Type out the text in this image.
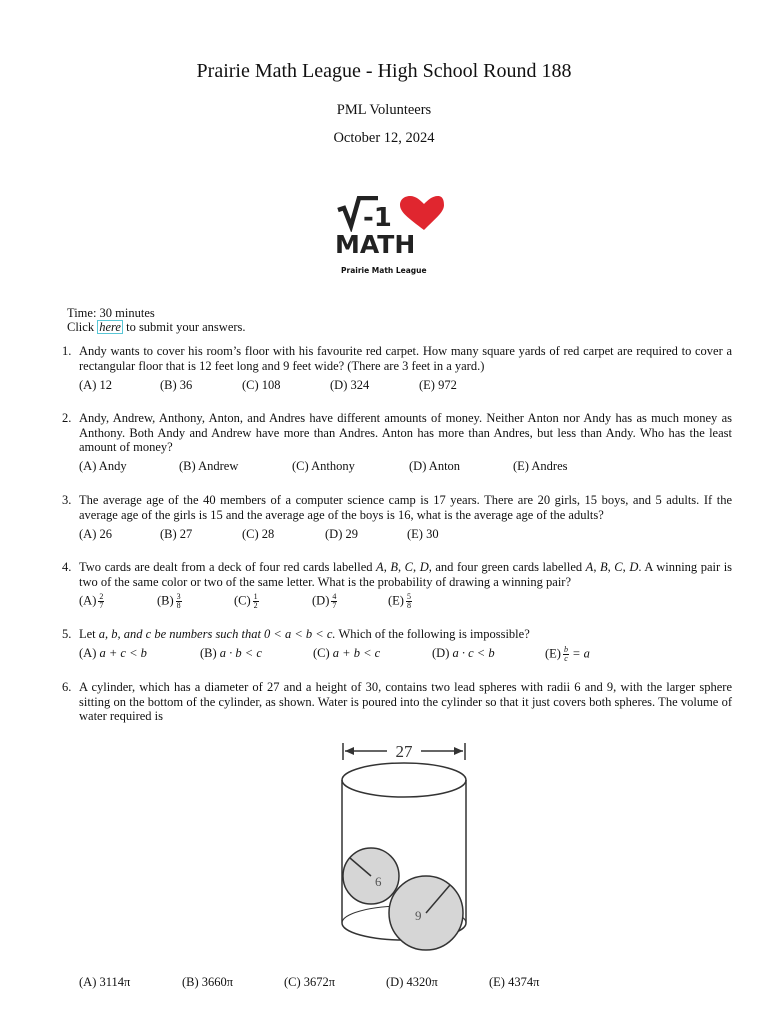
Prairie Math League - High School Round 188
PML Volunteers
October 12, 2024
-1
MATH
Prairie Math League
Time: 30 minutes
Click here to submit your answers.
1. Andy wants to cover his room’s floor with his favourite red carpet. How many square yards of red carpet are required to cover a rectangular floor that is 12 feet long and 9 feet wide? (There are 3 feet in a yard.)
(A) 12	(B) 36	(C) 108	(D) 324	(E) 972
2. Andy, Andrew, Anthony, Anton, and Andres have different amounts of money. Neither Anton nor Andy has as much money as Anthony. Both Andy and Andrew have more than Andres. Anton has more than Andres, but less than Andy. Who has the least amount of money?
(A) Andy	(B) Andrew	(C) Anthony	(D) Anton	(E) Andres
3. The average age of the 40 members of a computer science camp is 17 years. There are 20 girls, 15 boys, and 5 adults. If the average age of the girls is 15 and the average age of the boys is 16, what is the average age of the adults?
(A) 26	(B) 27	(C) 28	(D) 29	(E) 30
4. Two cards are dealt from a deck of four red cards labelled A, B, C, D, and four green cards labelled A, B, C, D. A winning pair is two of the same color or two of the same letter. What is the probability of drawing a winning pair?
$(A) \frac{2}{7}$	$(B) \frac{3}{8}$	$(C) \frac{1}{2}$	$(D) \frac{4}{7}$	$(E) \frac{5}{8}$
5. Let a, b, and c be numbers such that 0 < a < b < c. Which of the following is impossible?
(A) a + c < b	(B) a · b < c	(C) a + b < c	(D) a · c < b	$(E) \frac{b}{c} = a$
6. A cylinder, which has a diameter of 27 and a height of 30, contains two lead spheres with radii 6 and 9, with the larger sphere sitting on the bottom of the cylinder, as shown. Water is poured into the cylinder so that it just covers both spheres. The volume of water required is
27
6
9
(A) 3114π	(B) 3660π	(C) 3672π	(D) 4320π	(E) 4374π
